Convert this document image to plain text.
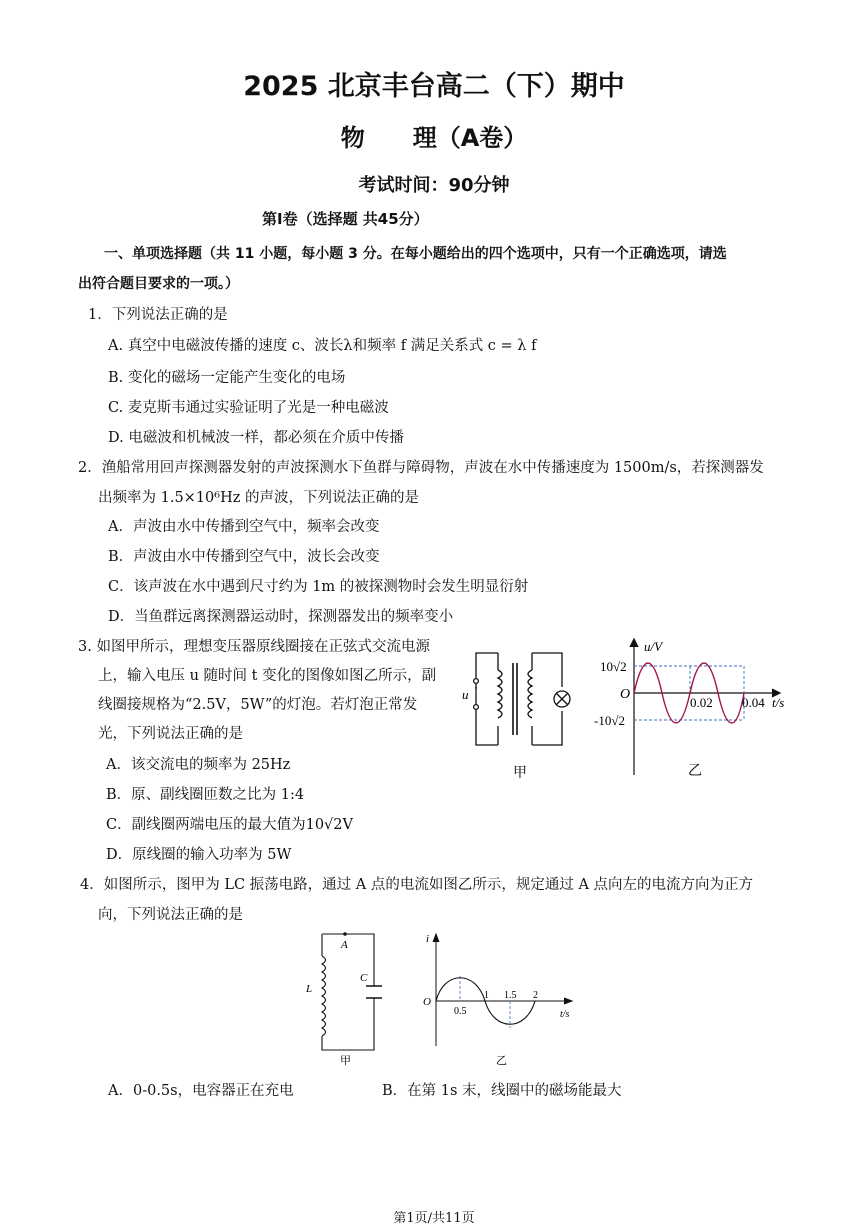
2025 北京丰台高二（下）期中
物　　理（A卷）
考试时间：90分钟
第Ⅰ卷（选择题 共45分）
一、单项选择题（共 11 小题，每小题 3 分。在每小题给出的四个选项中，只有一个正确选项，请选
出符合题目要求的一项。）
1．下列说法正确的是
A. 真空中电磁波传播的速度 c、波长λ和频率 f 满足关系式 c = λ f
B. 变化的磁场一定能产生变化的电场
C. 麦克斯韦通过实验证明了光是一种电磁波
D. 电磁波和机械波一样，都必须在介质中传播
2．渔船常用回声探测器发射的声波探测水下鱼群与障碍物，声波在水中传播速度为 1500m/s，若探测器发
出频率为 1.5×10⁶Hz 的声波，下列说法正确的是
A．声波由水中传播到空气中，频率会改变
B．声波由水中传播到空气中，波长会改变
C．该声波在水中遇到尺寸约为 1m 的被探测物时会发生明显衍射
D．当鱼群远离探测器运动时，探测器发出的频率变小
3. 如图甲所示，理想变压器原线圈接在正弦式交流电源
上，输入电压 u 随时间 t 变化的图像如图乙所示，副
线圈接规格为“2.5V，5W”的灯泡。若灯泡正常发
光，下列说法正确的是
A．该交流电的频率为 25Hz
B．原、副线圈匝数之比为 1:4
C．副线圈两端电压的最大值为10√2V
D．原线圈的输入功率为 5W
u
甲
u/V
t/s
O
10√2
-10√2
0.02 0.04
乙
4．如图所示，图甲为 LC 振荡电路，通过 A 点的电流如图乙所示，规定通过 A 点向左的电流方向为正方
向，下列说法正确的是
A
L
C
甲
i
t/s
O
0.5
1 1.5 2
乙
A．0-0.5s，电容器正在充电	B．在第 1s 末，线圈中的磁场能最大
第1页/共11页
